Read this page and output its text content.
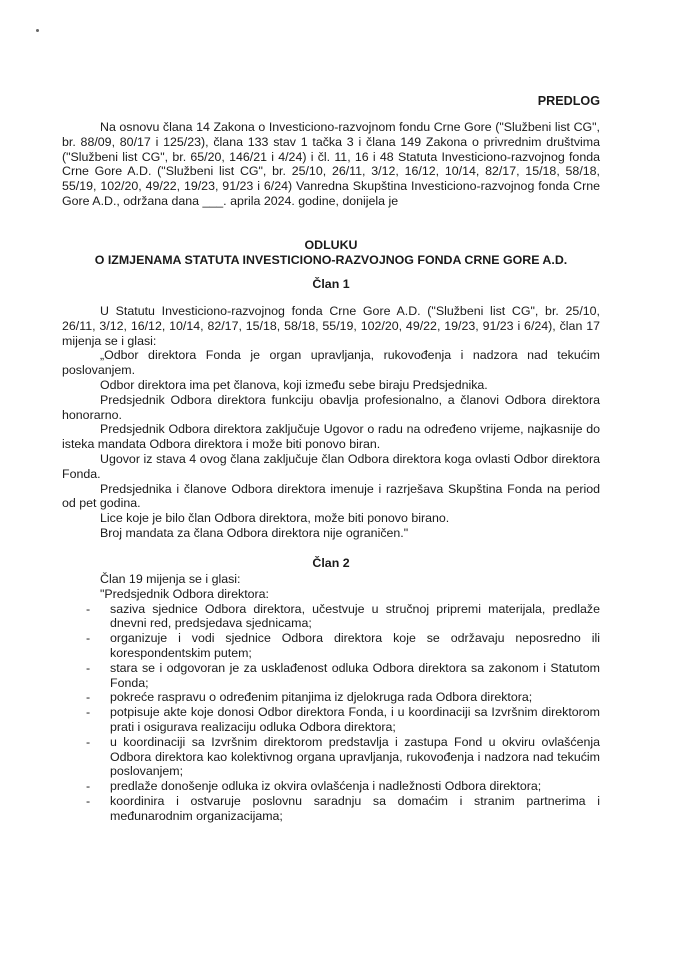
PREDLOG

Na osnovu člana 14 Zakona o Investiciono-razvojnom fondu Crne Gore ("Službeni list CG", br. 88/09, 80/17 i 125/23), člana 133 stav 1 tačka 3 i člana 149 Zakona o privrednim društvima ("Službeni list CG", br. 65/20, 146/21 i 4/24) i čl. 11, 16 i 48 Statuta Investiciono-razvojnog fonda Crne Gore A.D. ("Službeni list CG", br. 25/10, 26/11, 3/12, 16/12, 10/14, 82/17, 15/18, 58/18, 55/19, 102/20, 49/22, 19/23, 91/23 i 6/24) Vanredna Skupština Investiciono-razvojnog fonda Crne Gore A.D., održana dana ___. aprila 2024. godine, donijela je

ODLUKU

O IZMJENAMA STATUTA INVESTICIONO-RAZVOJNOG FONDA CRNE GORE A.D.

Član 1

U Statutu Investiciono-razvojnog fonda Crne Gore A.D. ("Službeni list CG", br. 25/10, 26/11, 3/12, 16/12, 10/14, 82/17, 15/18, 58/18, 55/19, 102/20, 49/22, 19/23, 91/23 i 6/24), član 17 mijenja se i glasi:

„Odbor direktora Fonda je organ upravljanja, rukovođenja i nadzora nad tekućim poslovanjem.

Odbor direktora ima pet članova, koji između sebe biraju Predsjednika.

Predsjednik Odbora direktora funkciju obavlja profesionalno, a članovi Odbora direktora honorarno.

Predsjednik Odbora direktora zaključuje Ugovor o radu na određeno vrijeme, najkasnije do isteka mandata Odbora direktora i može biti ponovo biran.

Ugovor iz stava 4 ovog člana zaključuje član Odbora direktora koga ovlasti Odbor direktora Fonda.

Predsjednika i članove Odbora direktora imenuje i razrješava Skupština Fonda na period od pet godina.

Lice koje je bilo član Odbora direktora, može biti ponovo birano.

Broj mandata za člana Odbora direktora nije ograničen."

Član 2

Član 19 mijenja se i glasi:

"Predsjednik Odbora direktora:

- saziva sjednice Odbora direktora, učestvuje u stručnoj pripremi materijala, predlaže dnevni red, predsjedava sjednicama;
- organizuje i vodi sjednice Odbora direktora koje se održavaju neposredno ili korespondentskim putem;
- stara se i odgovoran je za usklađenost odluka Odbora direktora sa zakonom i Statutom Fonda;
- pokreće raspravu o određenim pitanjima iz djelokruga rada Odbora direktora;
- potpisuje akte koje donosi Odbor direktora Fonda, i u koordinaciji sa Izvršnim direktorom prati i osigurava realizaciju odluka Odbora direktora;
- u koordinaciji sa Izvršnim direktorom predstavlja i zastupa Fond u okviru ovlašćenja Odbora direktora kao kolektivnog organa upravljanja, rukovođenja i nadzora nad tekućim poslovanjem;
- predlaže donošenje odluka iz okvira ovlašćenja i nadležnosti Odbora direktora;
- koordinira i ostvaruje poslovnu saradnju sa domaćim i stranim partnerima i međunarodnim organizacijama;
